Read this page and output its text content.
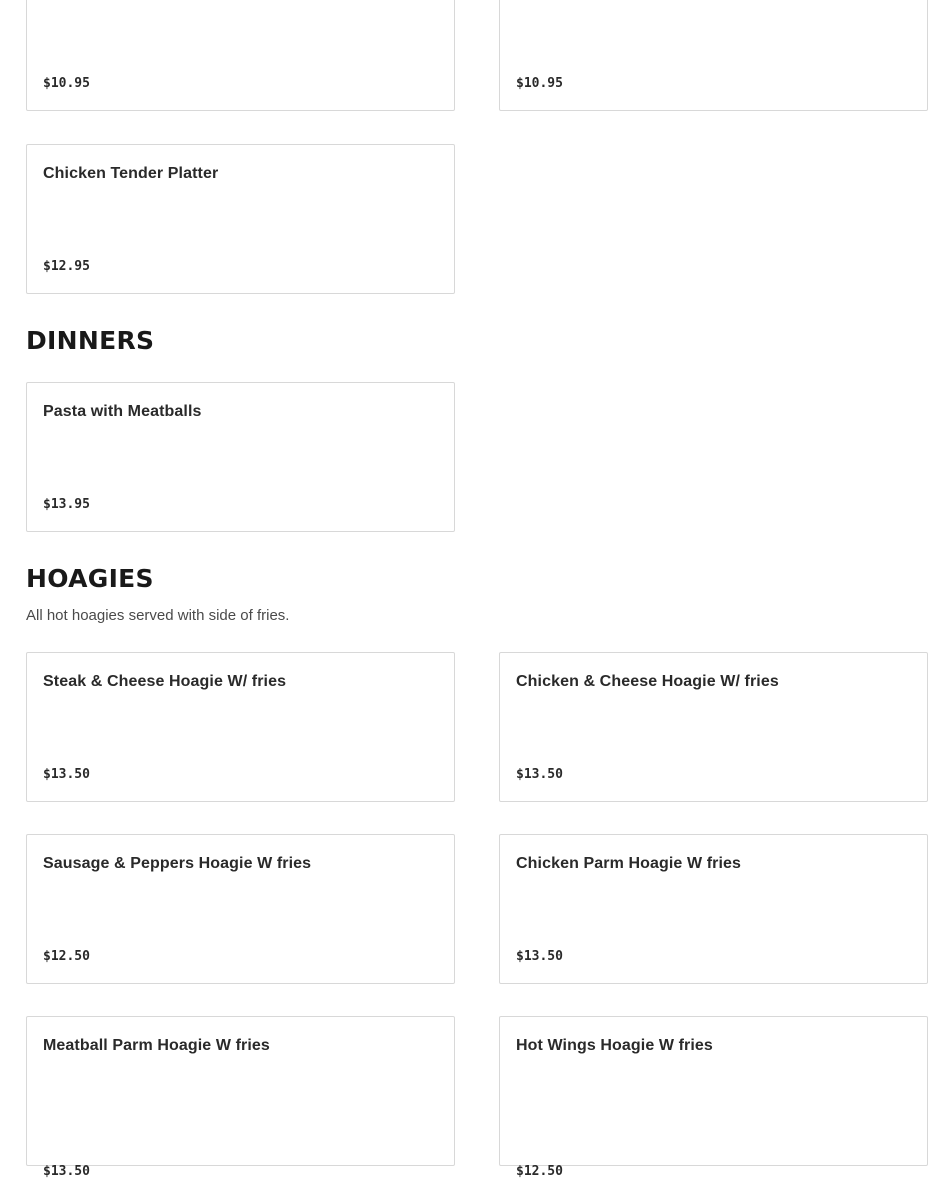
$10.95	$10.95
Chicken Tender Platter
$12.95
DINNERS
Pasta with Meatballs
$13.95
HOAGIES

All hot hoagies served with side of fries.

Steak & Cheese Hoagie W/ fries
$13.50
Chicken & Cheese Hoagie W/ fries
$13.50
Sausage & Peppers Hoagie W fries
$12.50
Chicken Parm Hoagie W fries
$13.50
Meatball Parm Hoagie W fries
$13.50
Hot Wings Hoagie W fries
$12.50
